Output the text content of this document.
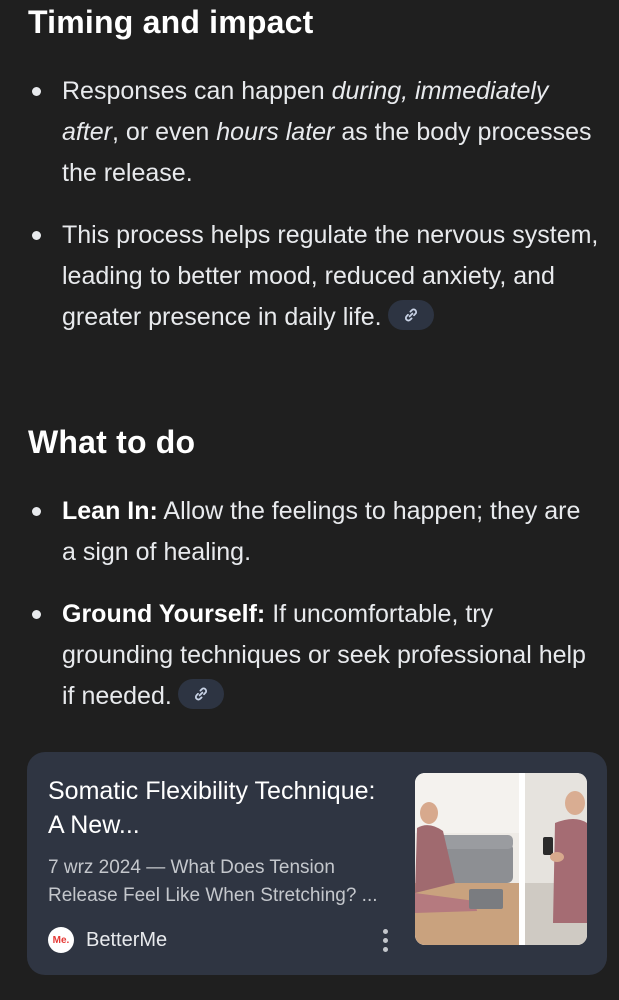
Timing and impact
Responses can happen during, immediately after, or even hours later as the body processes the release.
This process helps regulate the nervous system, leading to better mood, reduced anxiety, and greater presence in daily life.
What to do
Lean In: Allow the feelings to happen; they are a sign of healing.
Ground Yourself: If uncomfortable, try grounding techniques or seek professional help if needed.
Somatic Flexibility Technique: A New...
7 wrz 2024 — What Does Tension Release Feel Like When Stretching? ...
Me. BetterMe
